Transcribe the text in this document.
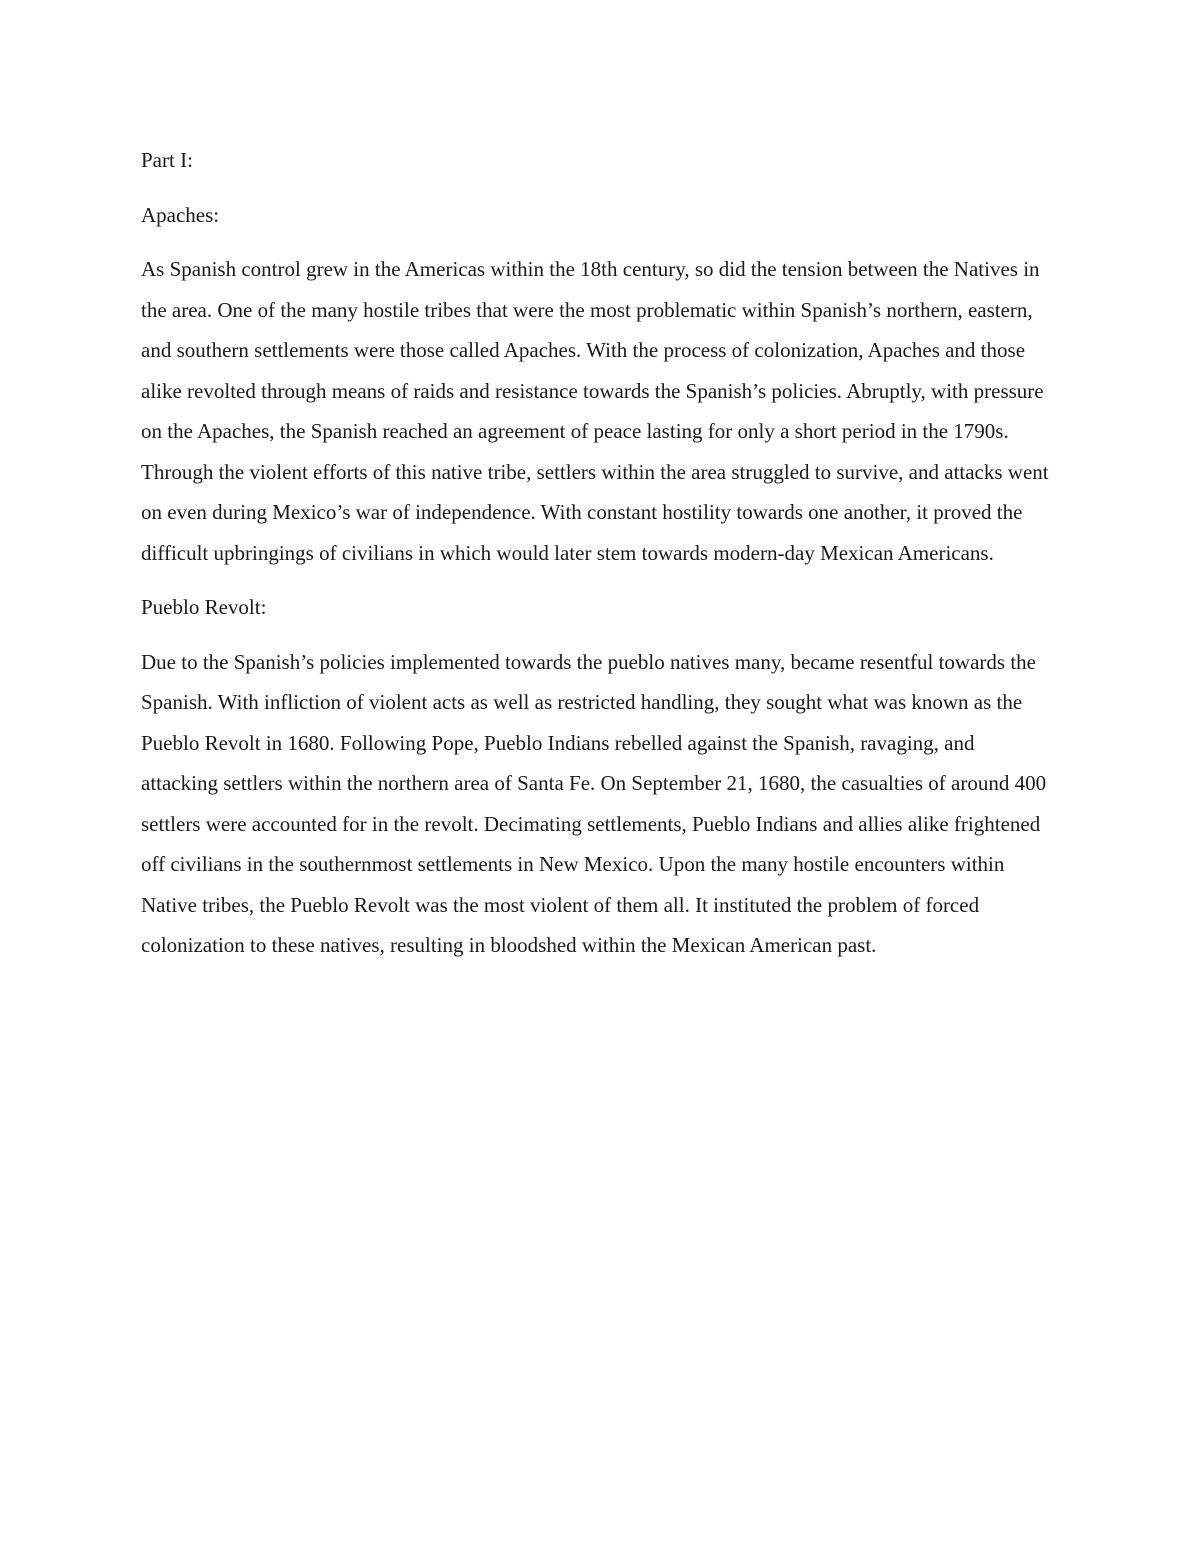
Part I:

Apaches:

As Spanish control grew in the Americas within the 18th century, so did the tension between the Natives in the area. One of the many hostile tribes that were the most problematic within Spanish’s northern, eastern, and southern settlements were those called Apaches. With the process of colonization, Apaches and those alike revolted through means of raids and resistance towards the Spanish’s policies. Abruptly, with pressure on the Apaches, the Spanish reached an agreement of peace lasting for only a short period in the 1790s. Through the violent efforts of this native tribe, settlers within the area struggled to survive, and attacks went on even during Mexico’s war of independence. With constant hostility towards one another, it proved the difficult upbringings of civilians in which would later stem towards modern-day Mexican Americans.

Pueblo Revolt:

Due to the Spanish’s policies implemented towards the pueblo natives many, became resentful towards the Spanish. With infliction of violent acts as well as restricted handling, they sought what was known as the Pueblo Revolt in 1680. Following Pope, Pueblo Indians rebelled against the Spanish, ravaging, and attacking settlers within the northern area of Santa Fe. On September 21, 1680, the casualties of around 400 settlers were accounted for in the revolt. Decimating settlements, Pueblo Indians and allies alike frightened off civilians in the southernmost settlements in New Mexico. Upon the many hostile encounters within Native tribes, the Pueblo Revolt was the most violent of them all. It instituted the problem of forced colonization to these natives, resulting in bloodshed within the Mexican American past.
